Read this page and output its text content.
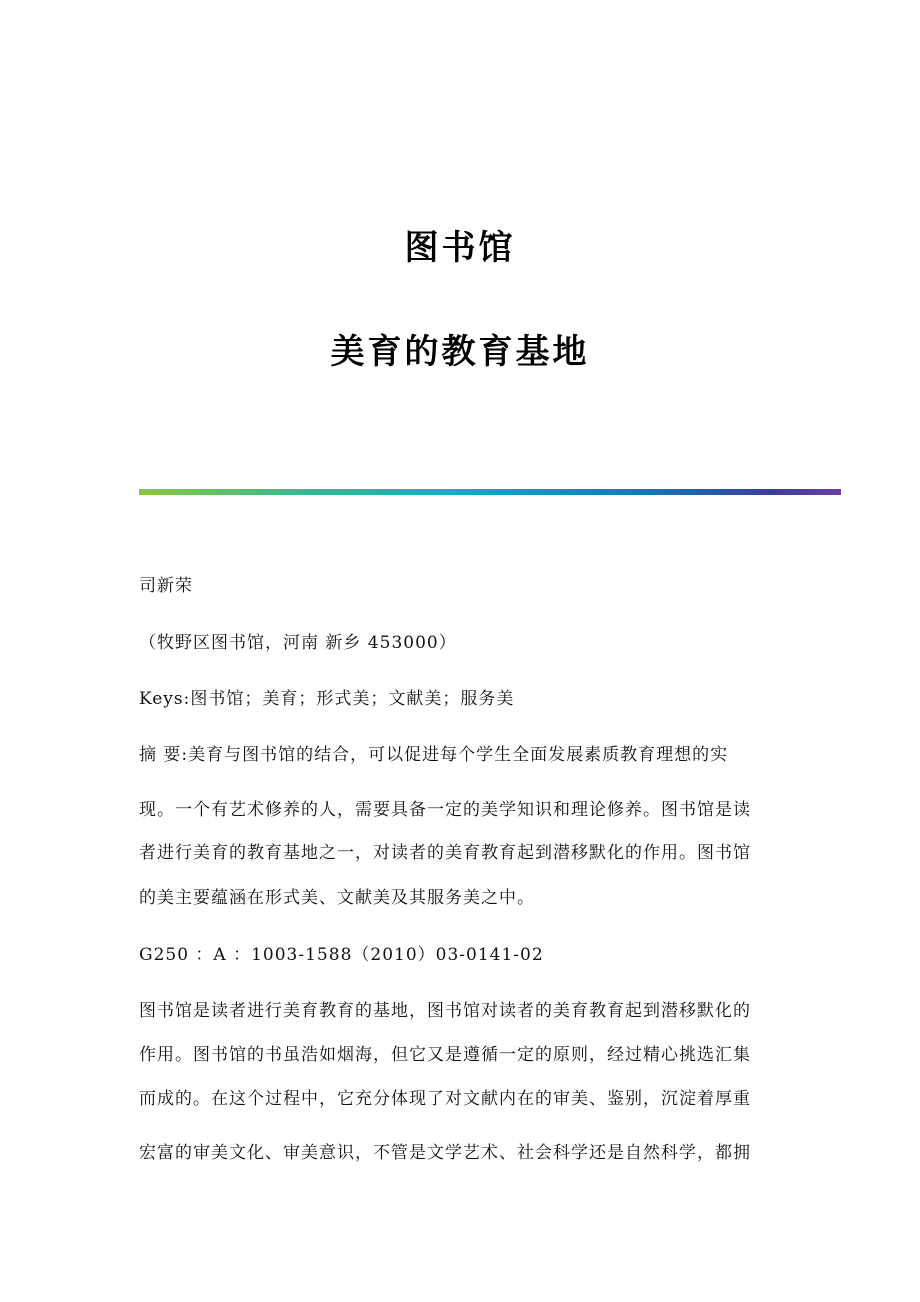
图书馆
美育的教育基地
司新荣
（牧野区图书馆，河南 新乡 453000）
Keys:图书馆；美育；形式美；文献美；服务美
摘 要:美育与图书馆的结合，可以促进每个学生全面发展素质教育理想的实
现。一个有艺术修养的人，需要具备一定的美学知识和理论修养。图书馆是读
者进行美育的教育基地之一，对读者的美育教育起到潜移默化的作用。图书馆
的美主要蕴涵在形式美、文献美及其服务美之中。
G250 ：A ：1003-1588（2010）03-0141-02
图书馆是读者进行美育教育的基地，图书馆对读者的美育教育起到潜移默化的
作用。图书馆的书虽浩如烟海，但它又是遵循一定的原则，经过精心挑选汇集
而成的。在这个过程中，它充分体现了对文献内在的审美、鉴别，沉淀着厚重
宏富的审美文化、审美意识，不管是文学艺术、社会科学还是自然科学，都拥
